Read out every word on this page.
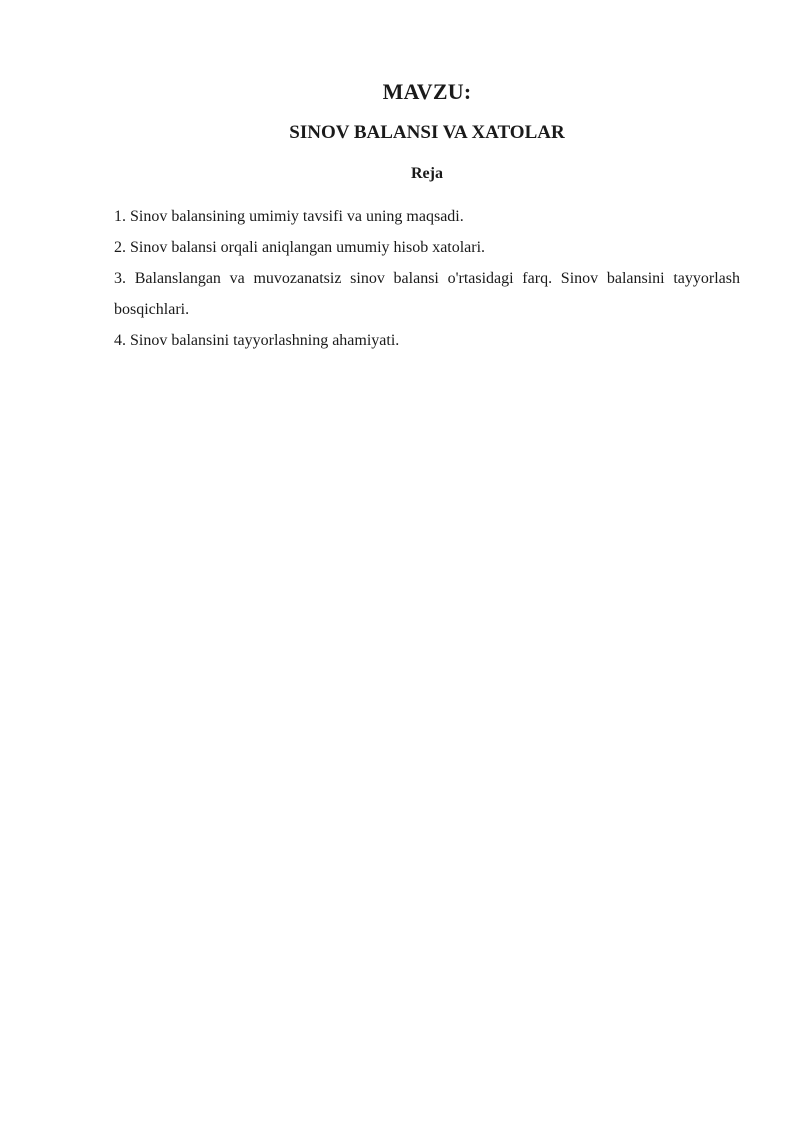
MAVZU:
SINOV BALANSI VA XATOLAR
Reja
1. Sinov balansining umimiy tavsifi va uning maqsadi.
2. Sinov balansi orqali aniqlangan umumiy hisob xatolari.
3. Balanslangan va muvozanatsiz sinov balansi o'rtasidagi farq. Sinov balansini tayyorlash bosqichlari.
4. Sinov balansini tayyorlashning ahamiyati.
